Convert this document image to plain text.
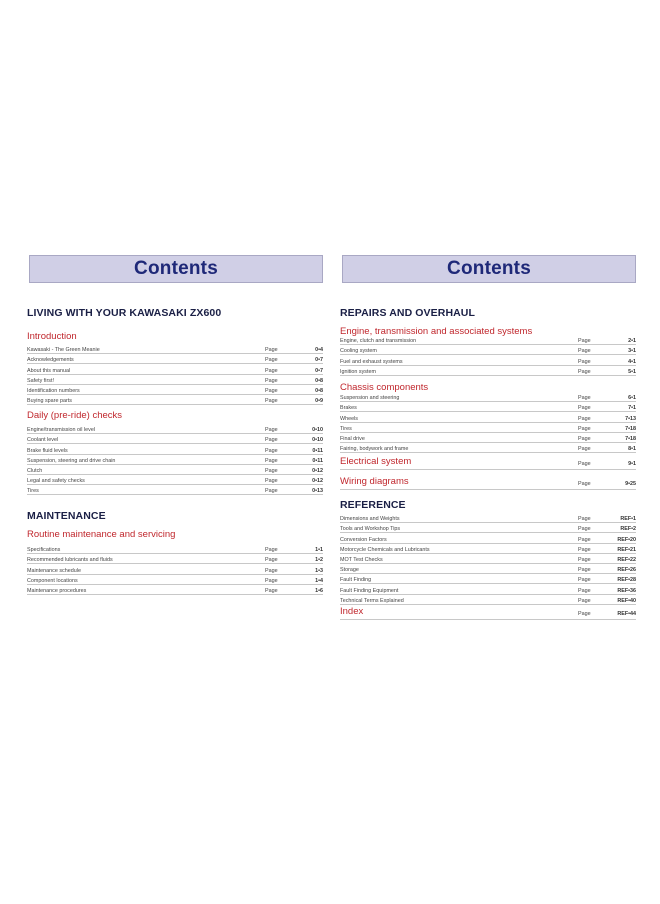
Contents
LIVING WITH YOUR KAWASAKI ZX600
Introduction
Kawasaki - The Green Meanie	Page	0•4
Acknowledgements	Page	0•7
About this manual	Page	0•7
Safety first!	Page	0•8
Identification numbers	Page	0•8
Buying spare parts	Page	0•9
Daily (pre-ride) checks
Engine/transmission oil level	Page	0•10
Coolant level	Page	0•10
Brake fluid levels	Page	0•11
Suspension, steering and drive chain	Page	0•11
Clutch	Page	0•12
Legal and safety checks	Page	0•12
Tires	Page	0•13
MAINTENANCE
Routine maintenance and servicing
Specifications	Page	1•1
Recommended lubricants and fluids	Page	1•2
Maintenance schedule	Page	1•3
Component locations	Page	1•4
Maintenance procedures	Page	1•6
Contents
REPAIRS AND OVERHAUL
Engine, transmission and associated systems
Engine, clutch and transmission	Page	2•1
Cooling system	Page	3•1
Fuel and exhaust systems	Page	4•1
Ignition system	Page	5•1
Chassis components
Suspension and steering	Page	6•1
Brakes	Page	7•1
Wheels	Page	7•13
Tires	Page	7•18
Final drive	Page	7•18
Fairing, bodywork and frame	Page	8•1
Electrical system	Page	9•1
Wiring diagrams	Page	9•25
REFERENCE
Dimensions and Weights	Page	REF•1
Tools and Workshop Tips	Page	REF•2
Conversion Factors	Page	REF•20
Motorcycle Chemicals and Lubricants	Page	REF•21
MOT Test Checks	Page	REF•22
Storage	Page	REF•26
Fault Finding	Page	REF•28
Fault Finding Equipment	Page	REF•36
Technical Terms Explained	Page	REF•40
Index	Page	REF•44
